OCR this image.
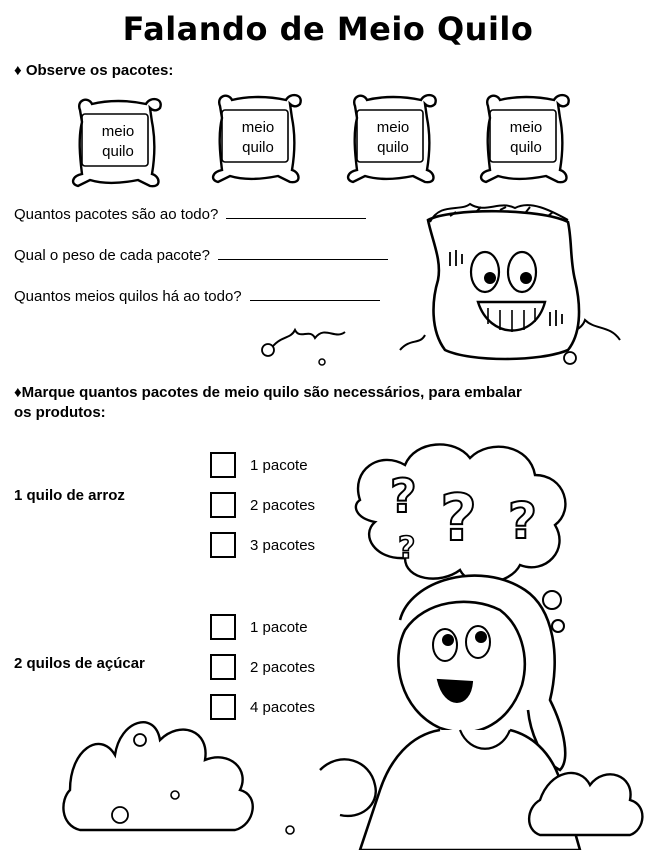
Falando de Meio Quilo
♦ Observe os pacotes:
meio
quilo
meio
quilo
meio
quilo
meio
quilo
Quantos pacotes são ao todo?
Qual o peso de cada pacote?
Quantos meios quilos há ao todo?
♦Marque quantos pacotes de meio quilo são necessários, para embalar
os produtos:
1 quilo de arroz
1 pacote
2 pacotes
3 pacotes
2 quilos de açúcar
1 pacote
2 pacotes
4 pacotes
? ? ?
?
